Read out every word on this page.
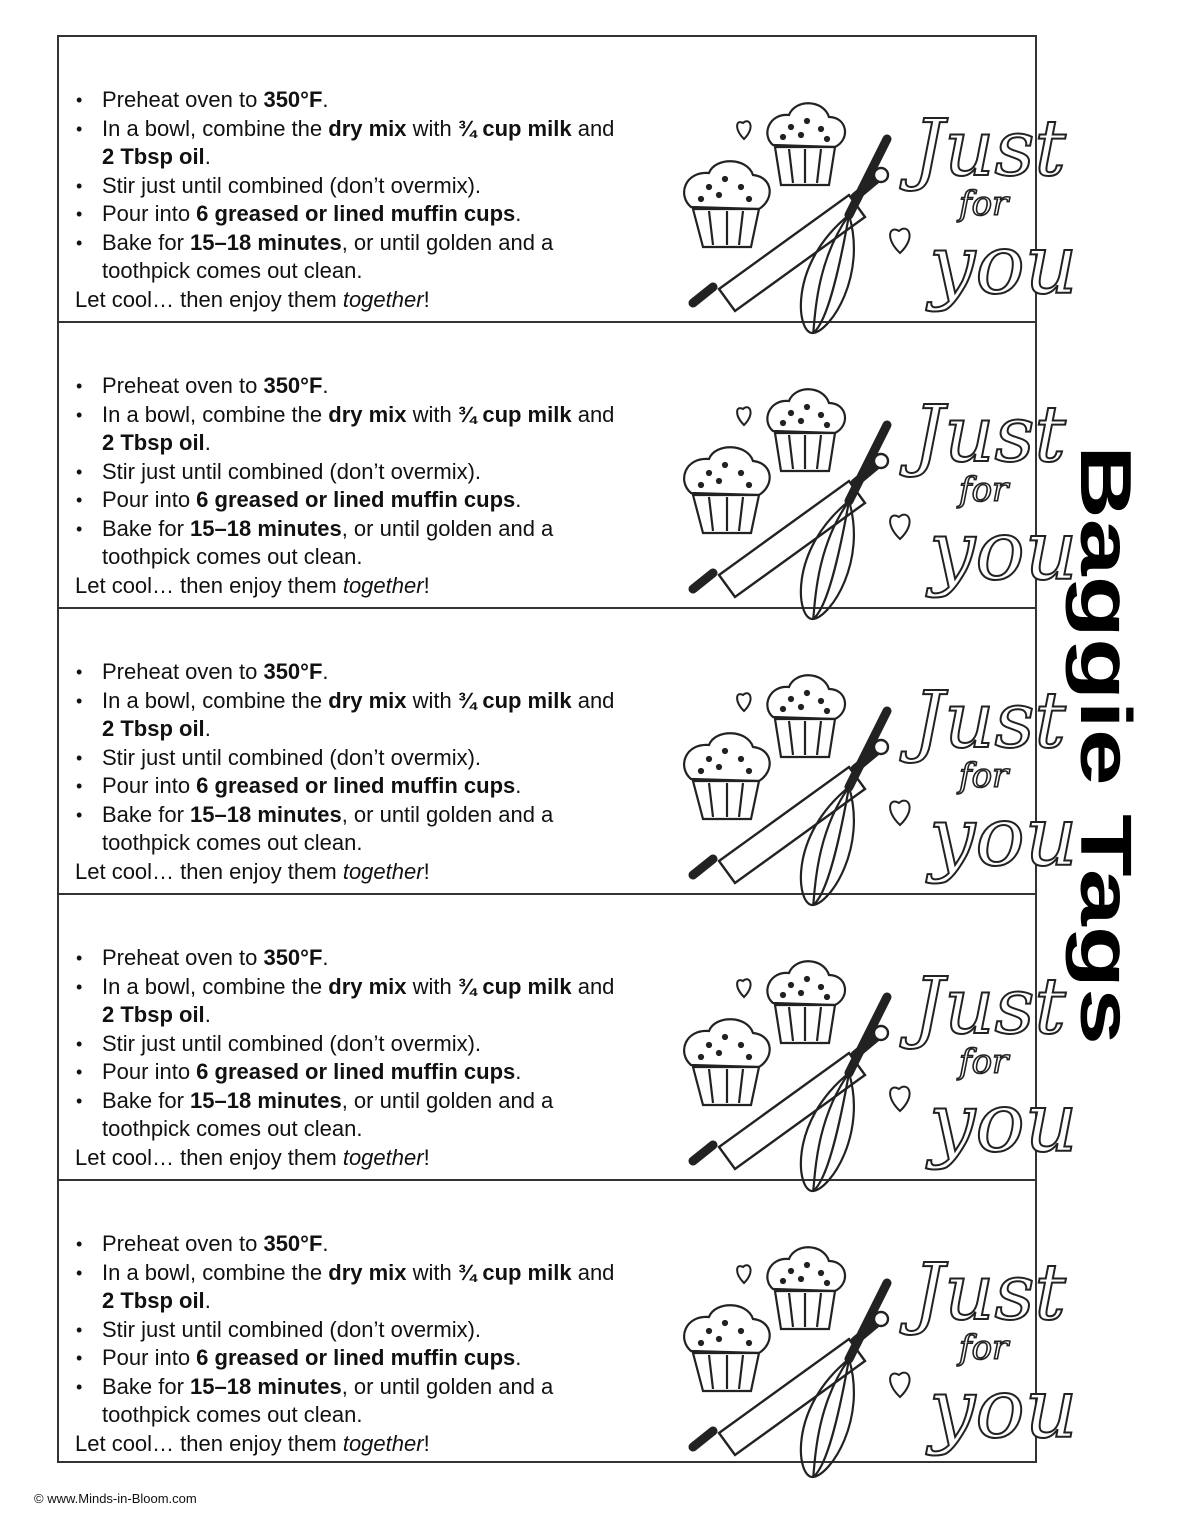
• Preheat oven to 350°F.
• In a bowl, combine the dry mix with ¾ cup milk and 2 Tbsp oil.
• Stir just until combined (don’t overmix).
• Pour into 6 greased or lined muffin cups.
• Bake for 15–18 minutes, or until golden and a toothpick comes out clean.

Let cool… then enjoy them together!

Just
for
you
• Preheat oven to 350°F.
• In a bowl, combine the dry mix with ¾ cup milk and 2 Tbsp oil.
• Stir just until combined (don’t overmix).
• Pour into 6 greased or lined muffin cups.
• Bake for 15–18 minutes, or until golden and a toothpick comes out clean.

Let cool… then enjoy them together!

Just
for
you
• Preheat oven to 350°F.
• In a bowl, combine the dry mix with ¾ cup milk and 2 Tbsp oil.
• Stir just until combined (don’t overmix).
• Pour into 6 greased or lined muffin cups.
• Bake for 15–18 minutes, or until golden and a toothpick comes out clean.

Let cool… then enjoy them together!

Just
for
you
• Preheat oven to 350°F.
• In a bowl, combine the dry mix with ¾ cup milk and 2 Tbsp oil.
• Stir just until combined (don’t overmix).
• Pour into 6 greased or lined muffin cups.
• Bake for 15–18 minutes, or until golden and a toothpick comes out clean.

Let cool… then enjoy them together!

Just
for
you
• Preheat oven to 350°F.
• In a bowl, combine the dry mix with ¾ cup milk and 2 Tbsp oil.
• Stir just until combined (don’t overmix).
• Pour into 6 greased or lined muffin cups.
• Bake for 15–18 minutes, or until golden and a toothpick comes out clean.

Let cool… then enjoy them together!

Just
for
you
Baggie Tags
© www.Minds-in-Bloom.com
